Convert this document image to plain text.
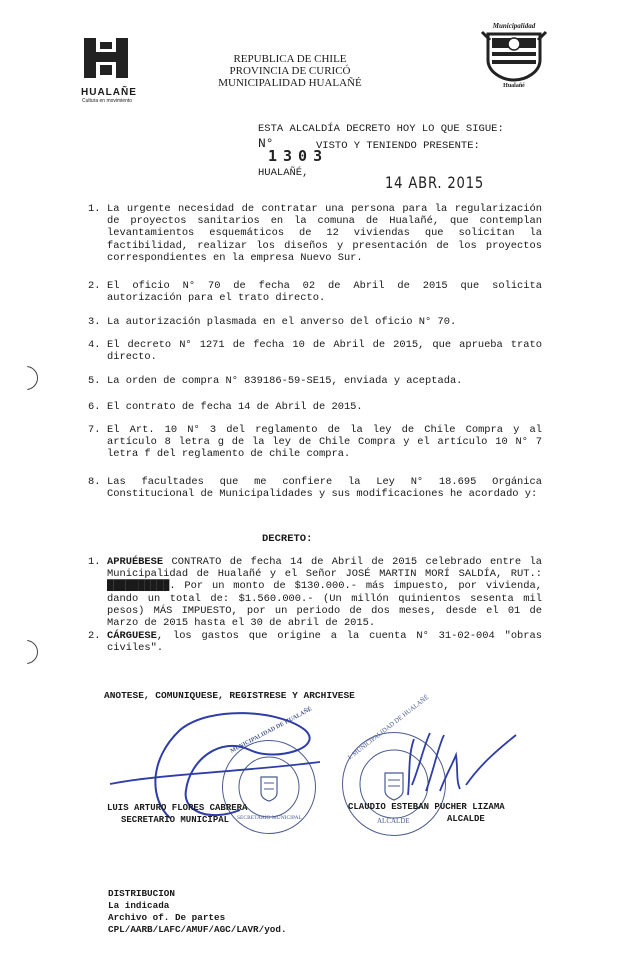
HUALAÑE
Cultura en movimiento
REPUBLICA DE CHILE
PROVINCIA DE CURICÓ
MUNICIPALIDAD HUALAÑÉ
Municipalidad
Hualañé
ESTA ALCALDÍA DECRETO HOY LO QUE SIGUE:
N°	VISTO Y TENIENDO PRESENTE:
1303
HUALAÑÉ,	14 ABR. 2015
1. La urgente necesidad de contratar una persona para la regularización de proyectos sanitarios en la comuna de Hualañé, que contemplan levantamientos esquemáticos de 12 viviendas que solicitan la factibilidad, realizar los diseños y presentación de los proyectos correspondientes en la empresa Nuevo Sur.
2. El oficio N° 70 de fecha 02 de Abril de 2015 que solicita autorización para el trato directo.
3. La autorización plasmada en el anverso del oficio N° 70.
4. El decreto N° 1271 de fecha 10 de Abril de 2015, que aprueba trato directo.
5. La orden de compra N° 839186-59-SE15, enviada y aceptada.
6. El contrato de fecha 14 de Abril de 2015.
7. El Art. 10 N° 3 del reglamento de la ley de Chile Compra y al artículo 8 letra g de la ley de Chile Compra y el artículo 10 N° 7 letra f del reglamento de chile compra.
8. Las facultades que me confiere la Ley N° 18.695 Orgánica Constitucional de Municipalidades y sus modificaciones he acordado y:
DECRETO:
1. APRUÉBESE CONTRATO de fecha 14 de Abril de 2015 celebrado entre la Municipalidad de Hualañé y el Señor JOSÉ MARTIN MORÍ SALDÍA, RUT.: ██████████. Por un monto de $130.000.- más impuesto, por vivienda, dando un total de: $1.560.000.- (Un millón quinientos sesenta mil pesos) MÁS IMPUESTO, por un periodo de dos meses, desde el 01 de Marzo de 2015 hasta el 30 de abril de 2015.
2. CÁRGUESE, los gastos que origine a la cuenta N° 31-02-004 "obras civiles".
ANOTESE, COMUNIQUESE, REGISTRESE Y ARCHIVESE
MUNICIPALIDAD DE HUALAÑÉ
SECRETARIO MUNICIPAL
I. MUNICIPALIDAD DE HUALAÑÉ
ALCALDE
LUIS ARTURO FLORES CABRERA
SECRETARIO MUNICIPAL
CLAUDIO ESTEBAN PUCHER LIZAMA
ALCALDE
DISTRIBUCION
La indicada
Archivo of. De partes
CPL/AARB/LAFC/AMUF/AGC/LAVR/yod.
